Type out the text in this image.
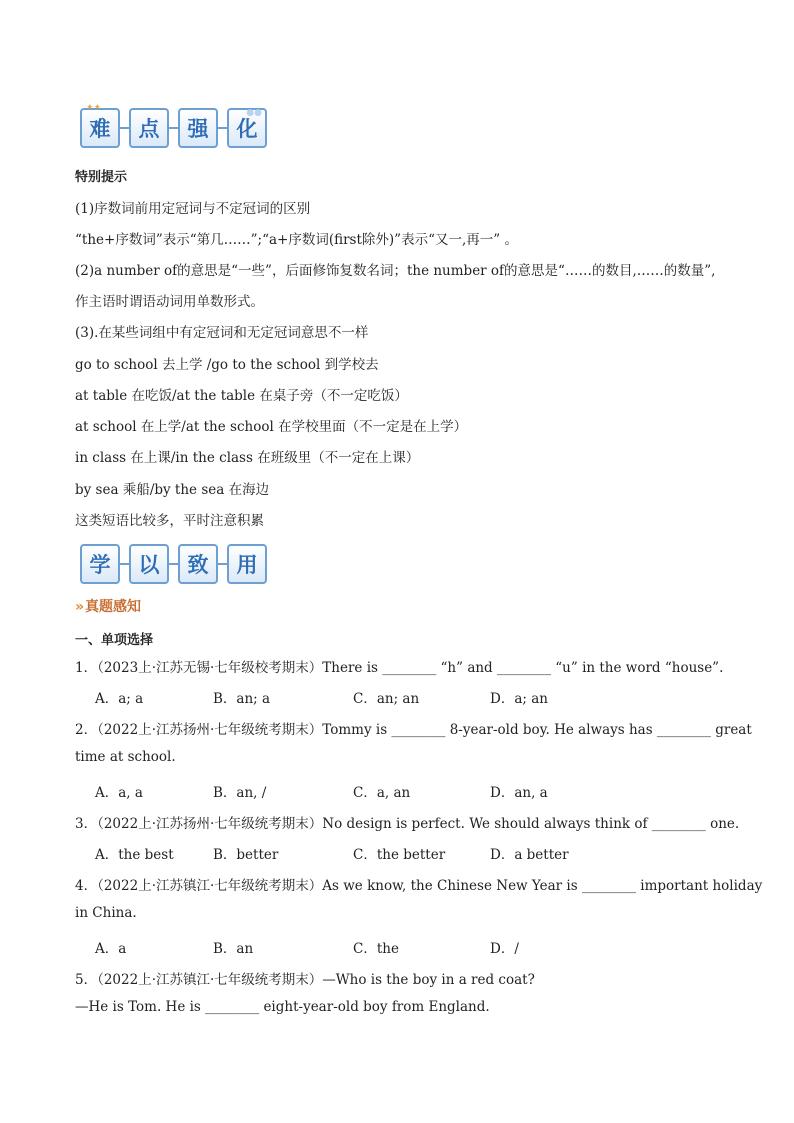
✦✦
难 点 强
●●
化
特别提示
(1)序数词前用定冠词与不定冠词的区别
“the+序数词”表示“第几……”;“a+序数词(first除外)”表示“又一,再一” 。
(2)a number of的意思是“一些”，后面修饰复数名词；the number of的意思是“……的数目,……的数量”,
作主语时谓语动词用单数形式。
(3).在某些词组中有定冠词和无定冠词意思不一样
go to school 去上学 /go to the school 到学校去
at table 在吃饭/at the table 在桌子旁（不一定吃饭）
at school 在上学/at the school 在学校里面（不一定是在上学）
in class 在上课/in the class 在班级里（不一定在上课）
by sea 乘船/by the sea 在海边
这类短语比较多，平时注意积累
学 以 致 用
» 真题感知
一、单项选择
1．（2023上·江苏无锡·七年级校考期末）There is ________ “h” and ________ “u” in the word “house”.
A．a; a	B．an; a	C．an; an	D．a; an
2．（2022上·江苏扬州·七年级统考期末）Tommy is ________ 8-year-old boy. He always has ________ great
time at school.
A．a, a	B．an, /	C．a, an	D．an, a
3．（2022上·江苏扬州·七年级统考期末）No design is perfect. We should always think of ________ one.
A．the best	B．better	C．the better	D．a better
4．（2022上·江苏镇江·七年级统考期末）As we know, the Chinese New Year is ________ important holiday
in China.
A．a	B．an	C．the	D．/
5．（2022上·江苏镇江·七年级统考期末）—Who is the boy in a red coat?
—He is Tom. He is ________ eight-year-old boy from England.
